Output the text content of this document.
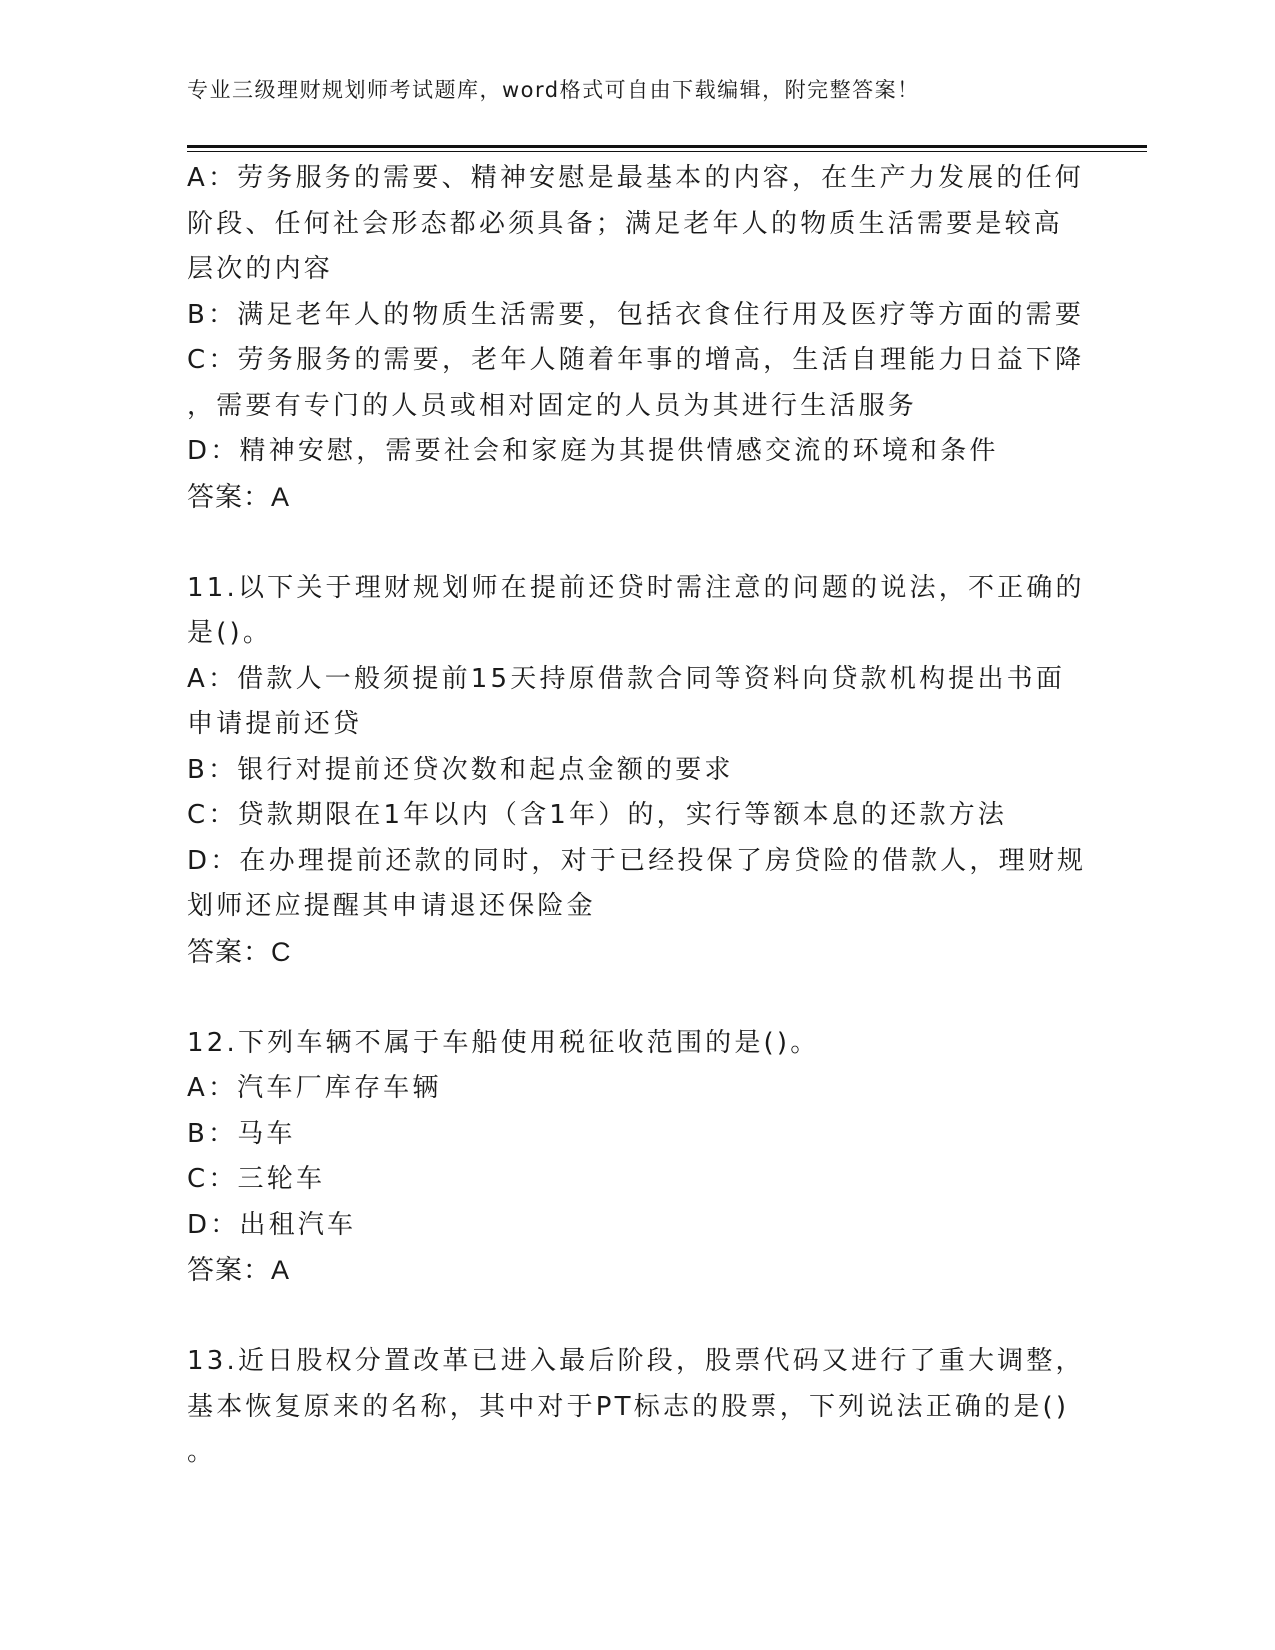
专业三级理财规划师考试题库，word格式可自由下载编辑，附完整答案！
A：劳务服务的需要、精神安慰是最基本的内容，在生产力发展的任何
阶段、任何社会形态都必须具备；满足老年人的物质生活需要是较高
层次的内容
B：满足老年人的物质生活需要，包括衣食住行用及医疗等方面的需要
C：劳务服务的需要，老年人随着年事的增高，生活自理能力日益下降
，需要有专门的人员或相对固定的人员为其进行生活服务
D：精神安慰，需要社会和家庭为其提供情感交流的环境和条件
答案：A
11.以下关于理财规划师在提前还贷时需注意的问题的说法，不正确的
是()。
A：借款人一般须提前15天持原借款合同等资料向贷款机构提出书面
申请提前还贷
B：银行对提前还贷次数和起点金额的要求
C：贷款期限在1年以内（含1年）的，实行等额本息的还款方法
D：在办理提前还款的同时，对于已经投保了房贷险的借款人，理财规
划师还应提醒其申请退还保险金
答案：C
12.下列车辆不属于车船使用税征收范围的是()。
A：汽车厂库存车辆
B：马车
C：三轮车
D：出租汽车
答案：A
13.近日股权分置改革已进入最后阶段，股票代码又进行了重大调整，
基本恢复原来的名称，其中对于PT标志的股票，下列说法正确的是()
。
